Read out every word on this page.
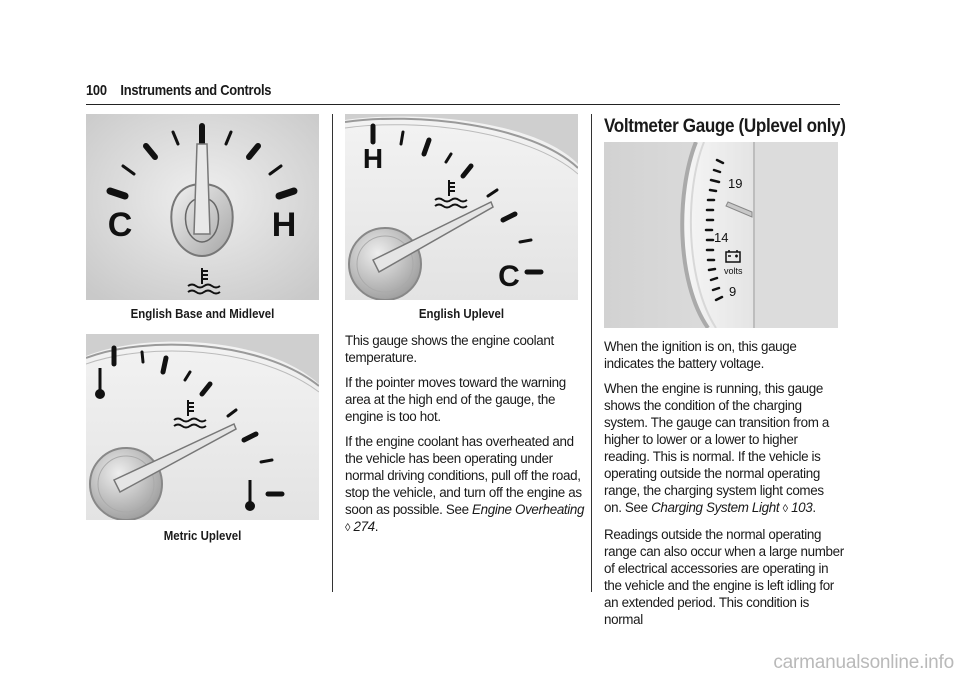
100 Instruments and Controls
C	H
English Base and Midlevel
Metric Uplevel
H
C
English Uplevel

This gauge shows the engine coolant temperature.

If the pointer moves toward the warning area at the high end of the gauge, the engine is too hot.

If the engine coolant has overheated and the vehicle has been operating under normal driving conditions, pull off the road, stop the vehicle, and turn off the engine as soon as possible. See Engine Overheating ◊ 274.

Voltmeter Gauge (Uplevel only)
19
14
9
volts

When the ignition is on, this gauge indicates the battery voltage.

When the engine is running, this gauge shows the condition of the charging system. The gauge can transition from a higher to lower or a lower to higher reading. This is normal. If the vehicle is operating outside the normal operating range, the charging system light comes on. See Charging System Light ◊ 103.

Readings outside the normal operating range can also occur when a large number of electrical accessories are operating in the vehicle and the engine is left idling for an extended period. This condition is normal

carmanualsonline.info
